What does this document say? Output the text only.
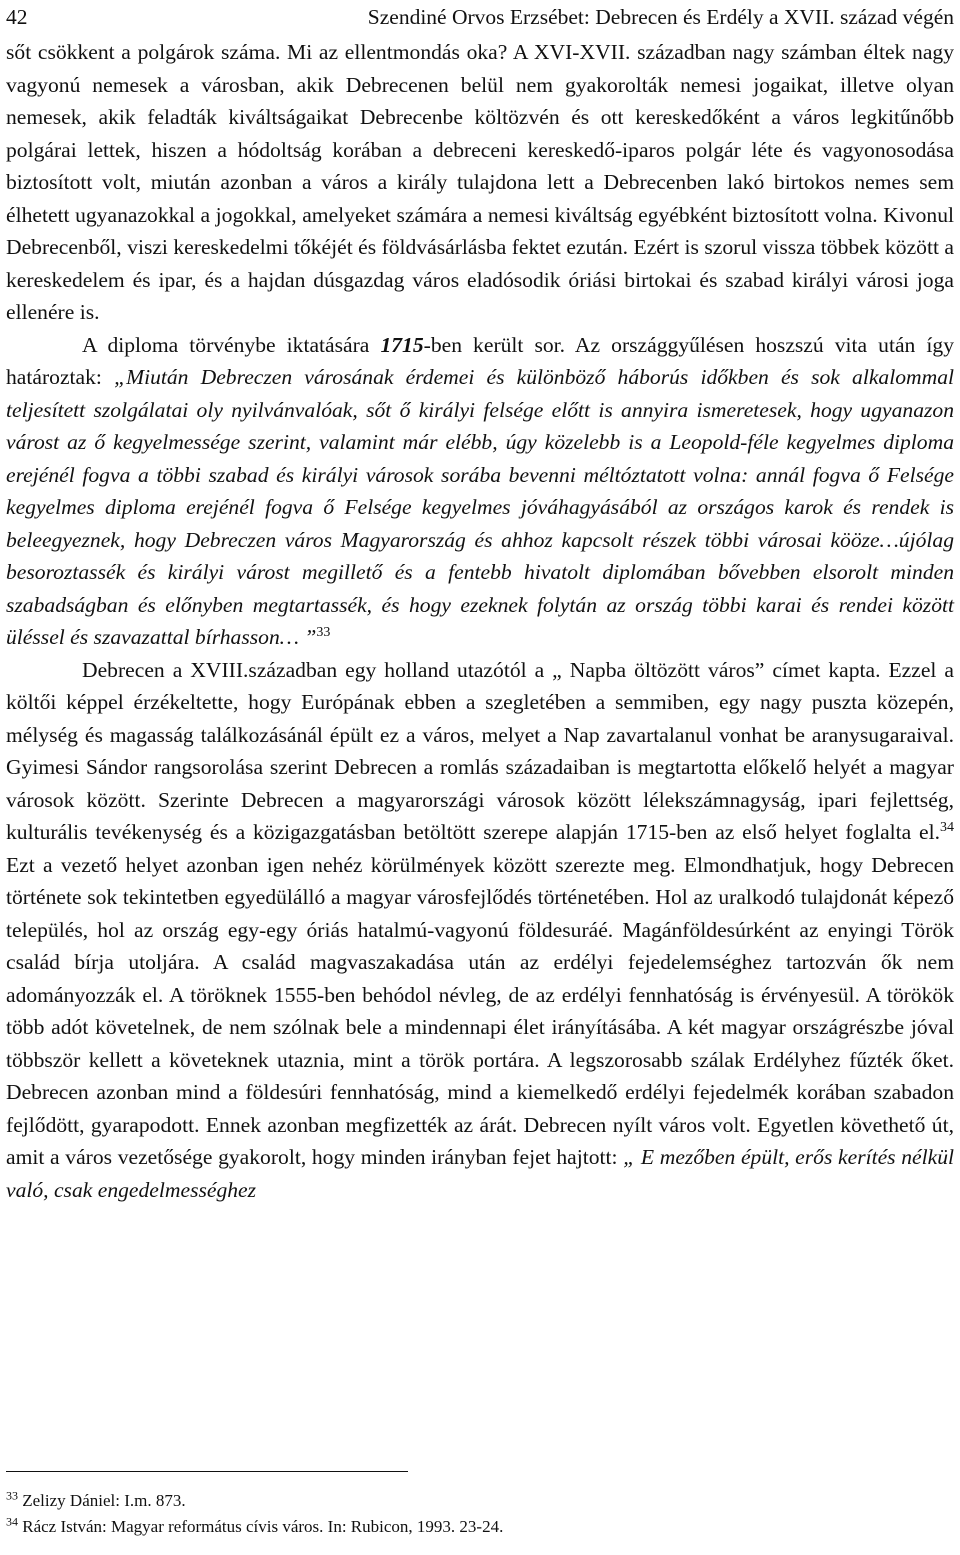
42	Szendiné Orvos Erzsébet: Debrecen és Erdély a XVII. század végén

sőt csökkent a polgárok száma. Mi az ellentmondás oka? A XVI-XVII. században nagy számban éltek nagy vagyonú nemesek a városban, akik Debrecenen belül nem gyakorolták nemesi jogaikat, illetve olyan nemesek, akik feladták kiváltságaikat Debrecenbe költözvén és ott kereskedőként a város legkitűnőbb polgárai lettek, hiszen a hódoltság korában a debreceni kereskedő-iparos polgár léte és vagyonosodása biztosított volt, miután azonban a város a király tulajdona lett a Debrecenben lakó birtokos nemes sem élhetett ugyanazokkal a jogokkal, amelyeket számára a nemesi kiváltság egyébként biztosított volna. Kivonul Debrecenből, viszi kereskedelmi tőkéjét és földvásárlásba fektet ezután. Ezért is szorul vissza többek között a kereskedelem és ipar, és a hajdan dúsgazdag város eladósodik óriási birtokai és szabad királyi városi joga ellenére is.

A diploma törvénybe iktatására 1715-ben került sor. Az országgyűlésen hoszszú vita után így határoztak: „Miután Debreczen városának érdemei és különböző háborús időkben és sok alkalommal teljesített szolgálatai oly nyilvánvalóak, sőt ő királyi felsége előtt is annyira ismeretesek, hogy ugyanazon várost az ő kegyelmessége szerint, valamint már elébb, úgy közelebb is a Leopold-féle kegyelmes diploma erejénél fogva a többi szabad és királyi városok sorába bevenni méltóztatott volna: annál fogva ő Felsége kegyelmes diploma erejénél fogva ő Felsége kegyelmes jóváhagyásából az országos karok és rendek is beleegyeznek, hogy Debreczen város Magyarország és ahhoz kapcsolt részek többi városai kööze…újólag besoroztassék és királyi várost megillető és a fentebb hivatolt diplomában bővebben elsorolt minden szabadságban és előnyben megtartassék, és hogy ezeknek folytán az ország többi karai és rendei között üléssel és szavazattal bírhasson… ”$^{33}$

Debrecen a XVIII.században egy holland utazótól a „ Napba öltözött város” címet kapta. Ezzel a költői képpel érzékeltette, hogy Európának ebben a szegletében a semmiben, egy nagy puszta közepén, mélység és magasság találkozásánál épült ez a város, melyet a Nap zavartalanul vonhat be aranysugaraival. Gyimesi Sándor rangsorolása szerint Debrecen a romlás századaiban is megtartotta előkelő helyét a magyar városok között. Szerinte Debrecen a magyarországi városok között lélekszámnagyság, ipari fejlettség, kulturális tevékenység és a közigazgatásban betöltött szerepe alapján 1715-ben az első helyet foglalta el.$^{34}$ Ezt a vezető helyet azonban igen nehéz körülmények között szerezte meg. Elmondhatjuk, hogy Debrecen története sok tekintetben egyedülálló a magyar városfejlődés történetében. Hol az uralkodó tulajdonát képező település, hol az ország egy-egy óriás hatalmú-vagyonú földesuráé. Magánföldesúrként az enyingi Török család bírja utoljára. A család magvaszakadása után az erdélyi fejedelemséghez tartozván ők nem adományozzák el. A töröknek 1555-ben behódol névleg, de az erdélyi fennhatóság is érvényesül. A törökök több adót követelnek, de nem szólnak bele a mindennapi élet irányításába. A két magyar országrészbe jóval többször kellett a követeknek utaznia, mint a török portára. A legszorosabb szálak Erdélyhez fűzték őket. Debrecen azonban mind a földesúri fennhatóság, mind a kiemelkedő erdélyi fejedelmék korában szabadon fejlődött, gyarapodott. Ennek azonban megfizették az árát. Debrecen nyílt város volt. Egyetlen követhető út, amit a város vezetősége gyakorolt, hogy minden irányban fejet hajtott: „ E mezőben épült, erős kerítés nélkül való, csak engedelmességhez

$^{33}$ Zelizy Dániel: I.m. 873.
$^{34}$ Rácz István: Magyar református cívis város. In: Rubicon, 1993. 23-24.
